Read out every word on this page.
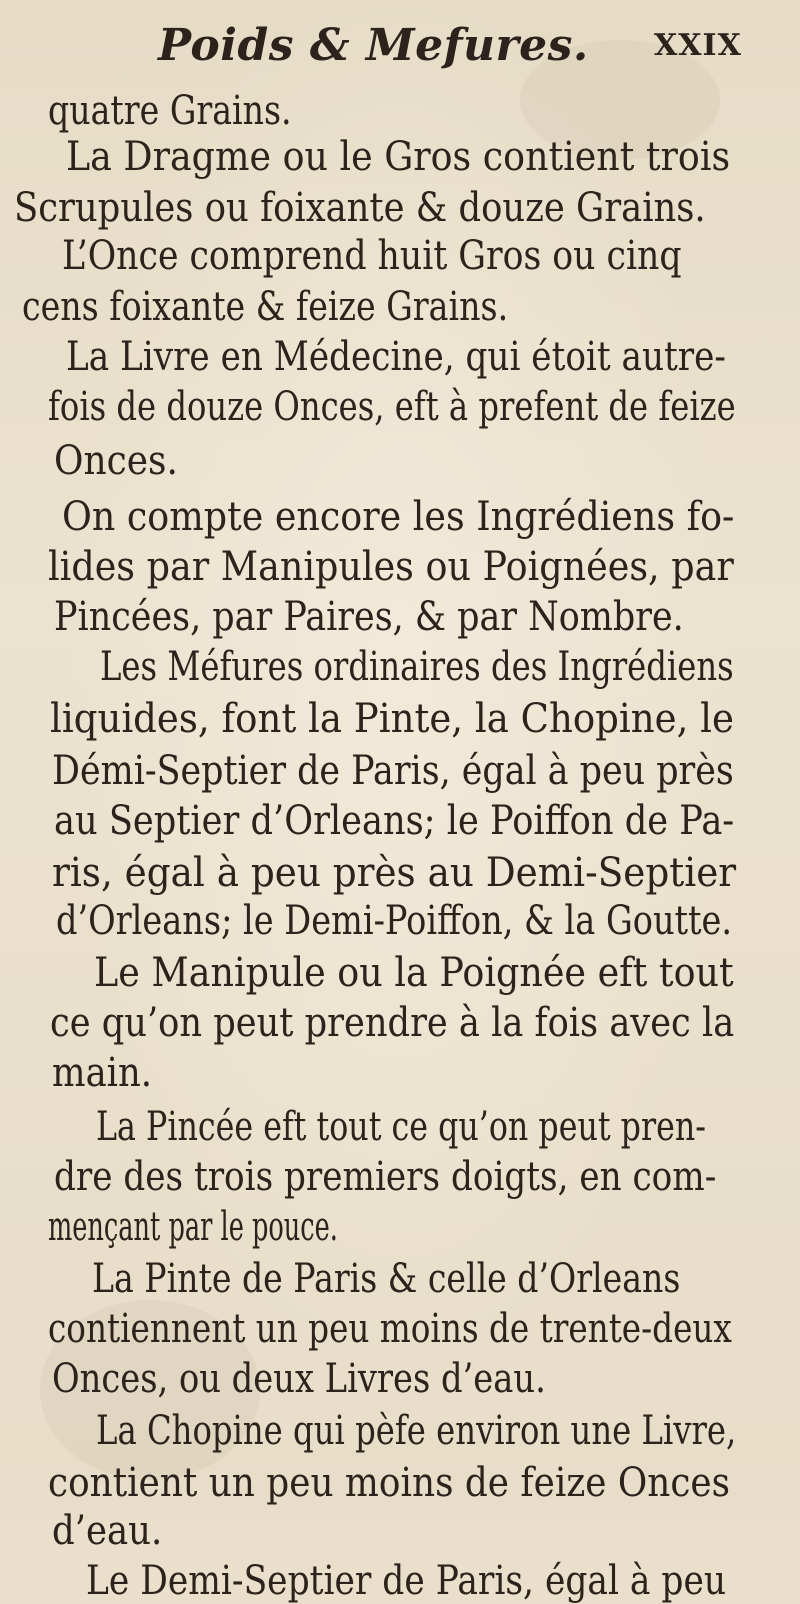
Poids & Mefures. XXIX
quatre Grains.
La Dragme ou le Gros contient trois
Scrupules ou foixante & douze Grains.
L’Once comprend huit Gros ou cinq
cens foixante & feize Grains.
La Livre en Médecine, qui étoit autre-
fois de douze Onces, eft à prefent de feize
Onces.
On compte encore les Ingrédiens fo-
lides par Manipules ou Poignées, par
Pincées, par Paires, & par Nombre.
Les Méfures ordinaires des Ingrédiens
liquides, font la Pinte, la Chopine, le
Démi-Septier de Paris, égal à peu près
au Septier d’Orleans; le Poiffon de Pa-
ris, égal à peu près au Demi-Septier
d’Orleans; le Demi-Poiffon, & la Goutte.
Le Manipule ou la Poignée eft tout
ce qu’on peut prendre à la fois avec la
main.
La Pincée eft tout ce qu’on peut pren-
dre des trois premiers doigts, en com-
mençant par le pouce.
La Pinte de Paris & celle d’Orleans
contiennent un peu moins de trente-deux
Onces, ou deux Livres d’eau.
La Chopine qui pèfe environ une Livre,
contient un peu moins de feize Onces
d’eau.
Le Demi-Septier de Paris, égal à peu
